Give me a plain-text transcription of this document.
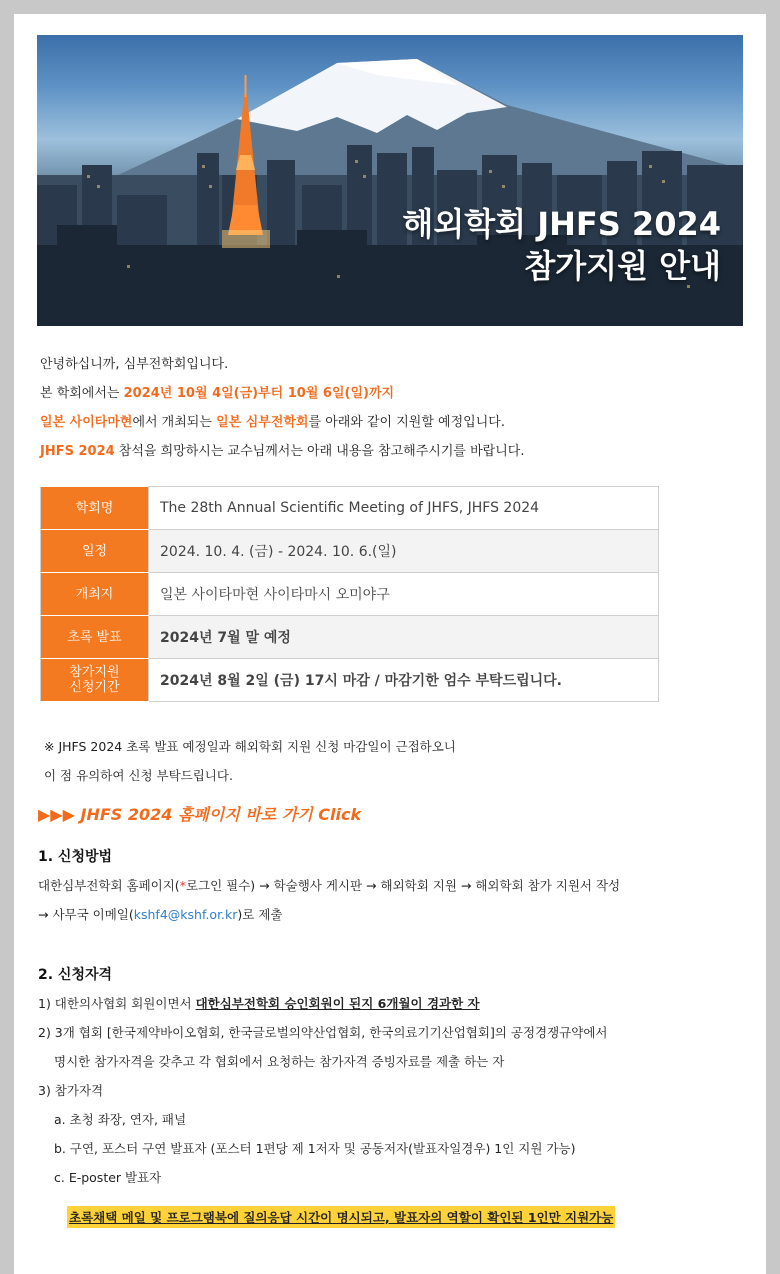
해외학회 JHFS 2024
참가지원 안내
안녕하십니까, 심부전학회입니다.
본 학회에서는 2024년 10월 4일(금)부터 10월 6일(일)까지
일본 사이타마현에서 개최되는 일본 심부전학회를 아래와 같이 지원할 예정입니다.
JHFS 2024 참석을 희망하시는 교수님께서는 아래 내용을 참고해주시기를 바랍니다.
학회명	The 28th Annual Scientific Meeting of JHFS, JHFS 2024
일정	2024. 10. 4. (금) - 2024. 10. 6.(일)
개최지	일본 사이타마현 사이타마시 오미야구
초록 발표	2024년 7월 말 예정
참가지원
신청기간	2024년 8월 2일 (금) 17시 마감 / 마감기한 엄수 부탁드립니다.
※ JHFS 2024 초록 발표 예정일과 해외학회 지원 신청 마감일이 근접하오니
이 점 유의하여 신청 부탁드립니다.
▶▶▶ JHFS 2024 홈페이지 바로 가기 Click
1. 신청방법
대한심부전학회 홈페이지(*로그인 필수) → 학술행사 게시판 → 해외학회 지원 → 해외학회 참가 지원서 작성
→ 사무국 이메일(kshf4@kshf.or.kr)로 제출
2. 신청자격
1) 대한의사협회 회원이면서 대한심부전학회 승인회원이 된지 6개월이 경과한 자
2) 3개 협회 [한국제약바이오협회, 한국글로벌의약산업협회, 한국의료기기산업협회]의 공정경쟁규약에서
명시한 참가자격을 갖추고 각 협회에서 요청하는 참가자격 증빙자료를 제출 하는 자
3) 참가자격
a. 초청 좌장, 연자, 패널
b. 구연, 포스터 구연 발표자 (포스터 1편당 제 1저자 및 공동저자(발표자일경우) 1인 지원 가능)
c. E-poster 발표자
초록채택 메일 및 프로그램북에 질의응답 시간이 명시되고, 발표자의 역할이 확인된 1인만 지원가능
